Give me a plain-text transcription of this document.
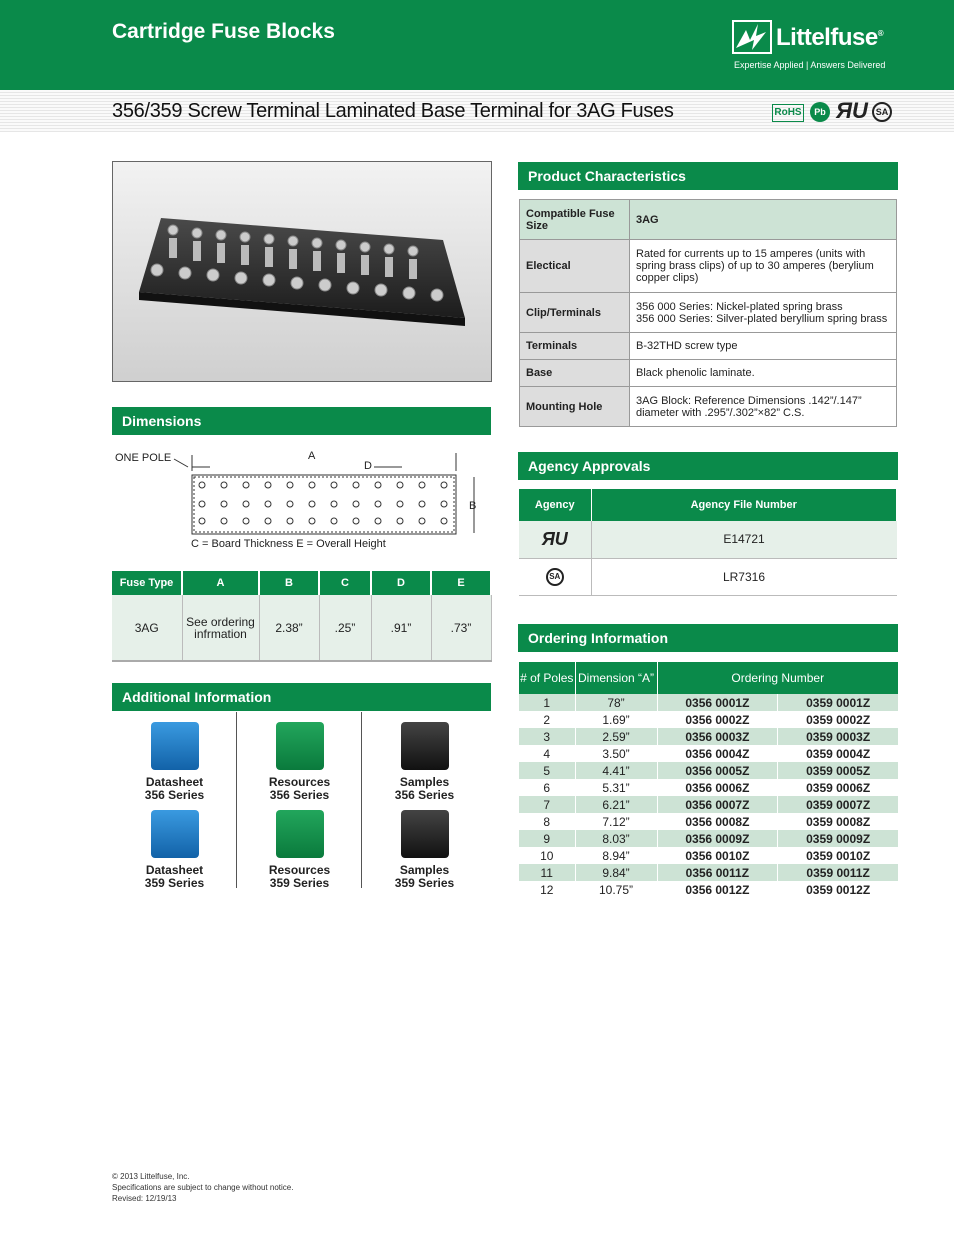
Cartridge Fuse Blocks	Littelfuse®
Expertise Applied | Answers Delivered
356/359 Screw Terminal Laminated Base Terminal for 3AG Fuses	RoHS	Pb ЯU SA
Dimensions
ONE POLE	A
D
B
C = Board Thickness E = Overall Height
Fuse Type	A	B	C	D	E
3AG	See ordering infrmation	2.38”	.25”	.91”	.73”
Additional Information
Datasheet
356 Series
Datasheet
359 Series
Resources
356 Series
Resources
359 Series
Samples
356 Series
Samples
359 Series
Product Characteristics
Compatible Fuse Size	3AG
Electical	Rated for currents up to 15 amperes (units with spring brass clips) of up to 30 amperes (berylium copper clips)
Clip/Terminals	356 000 Series: Nickel-plated spring brass
356 000 Series: Silver-plated beryllium spring brass

Terminals	B-32THD screw type
Base	Black phenolic laminate.
Mounting Hole	3AG Block: Reference Dimensions .142”/.147” diameter with .295”/.302”×82” C.S.
Agency Approvals
Agency	Agency File Number
ЯU	E14721
SA	LR7316
Ordering Information
# of Poles	Dimension “A”	Ordering Number	
1	78”	0356 0001Z	0359 0001Z
2	1.69”	0356 0002Z	0359 0002Z
3	2.59”	0356 0003Z	0359 0003Z
4	3.50”	0356 0004Z	0359 0004Z
5	4.41”	0356 0005Z	0359 0005Z
6	5.31”	0356 0006Z	0359 0006Z
7	6.21”	0356 0007Z	0359 0007Z
8	7.12”	0356 0008Z	0359 0008Z
9	8.03”	0356 0009Z	0359 0009Z
10	8.94”	0356 0010Z	0359 0010Z
11	9.84”	0356 0011Z	0359 0011Z
12	10.75”	0356 0012Z	0359 0012Z
© 2013 Littelfuse, Inc.
Specifications are subject to change without notice.
Revised: 12/19/13
